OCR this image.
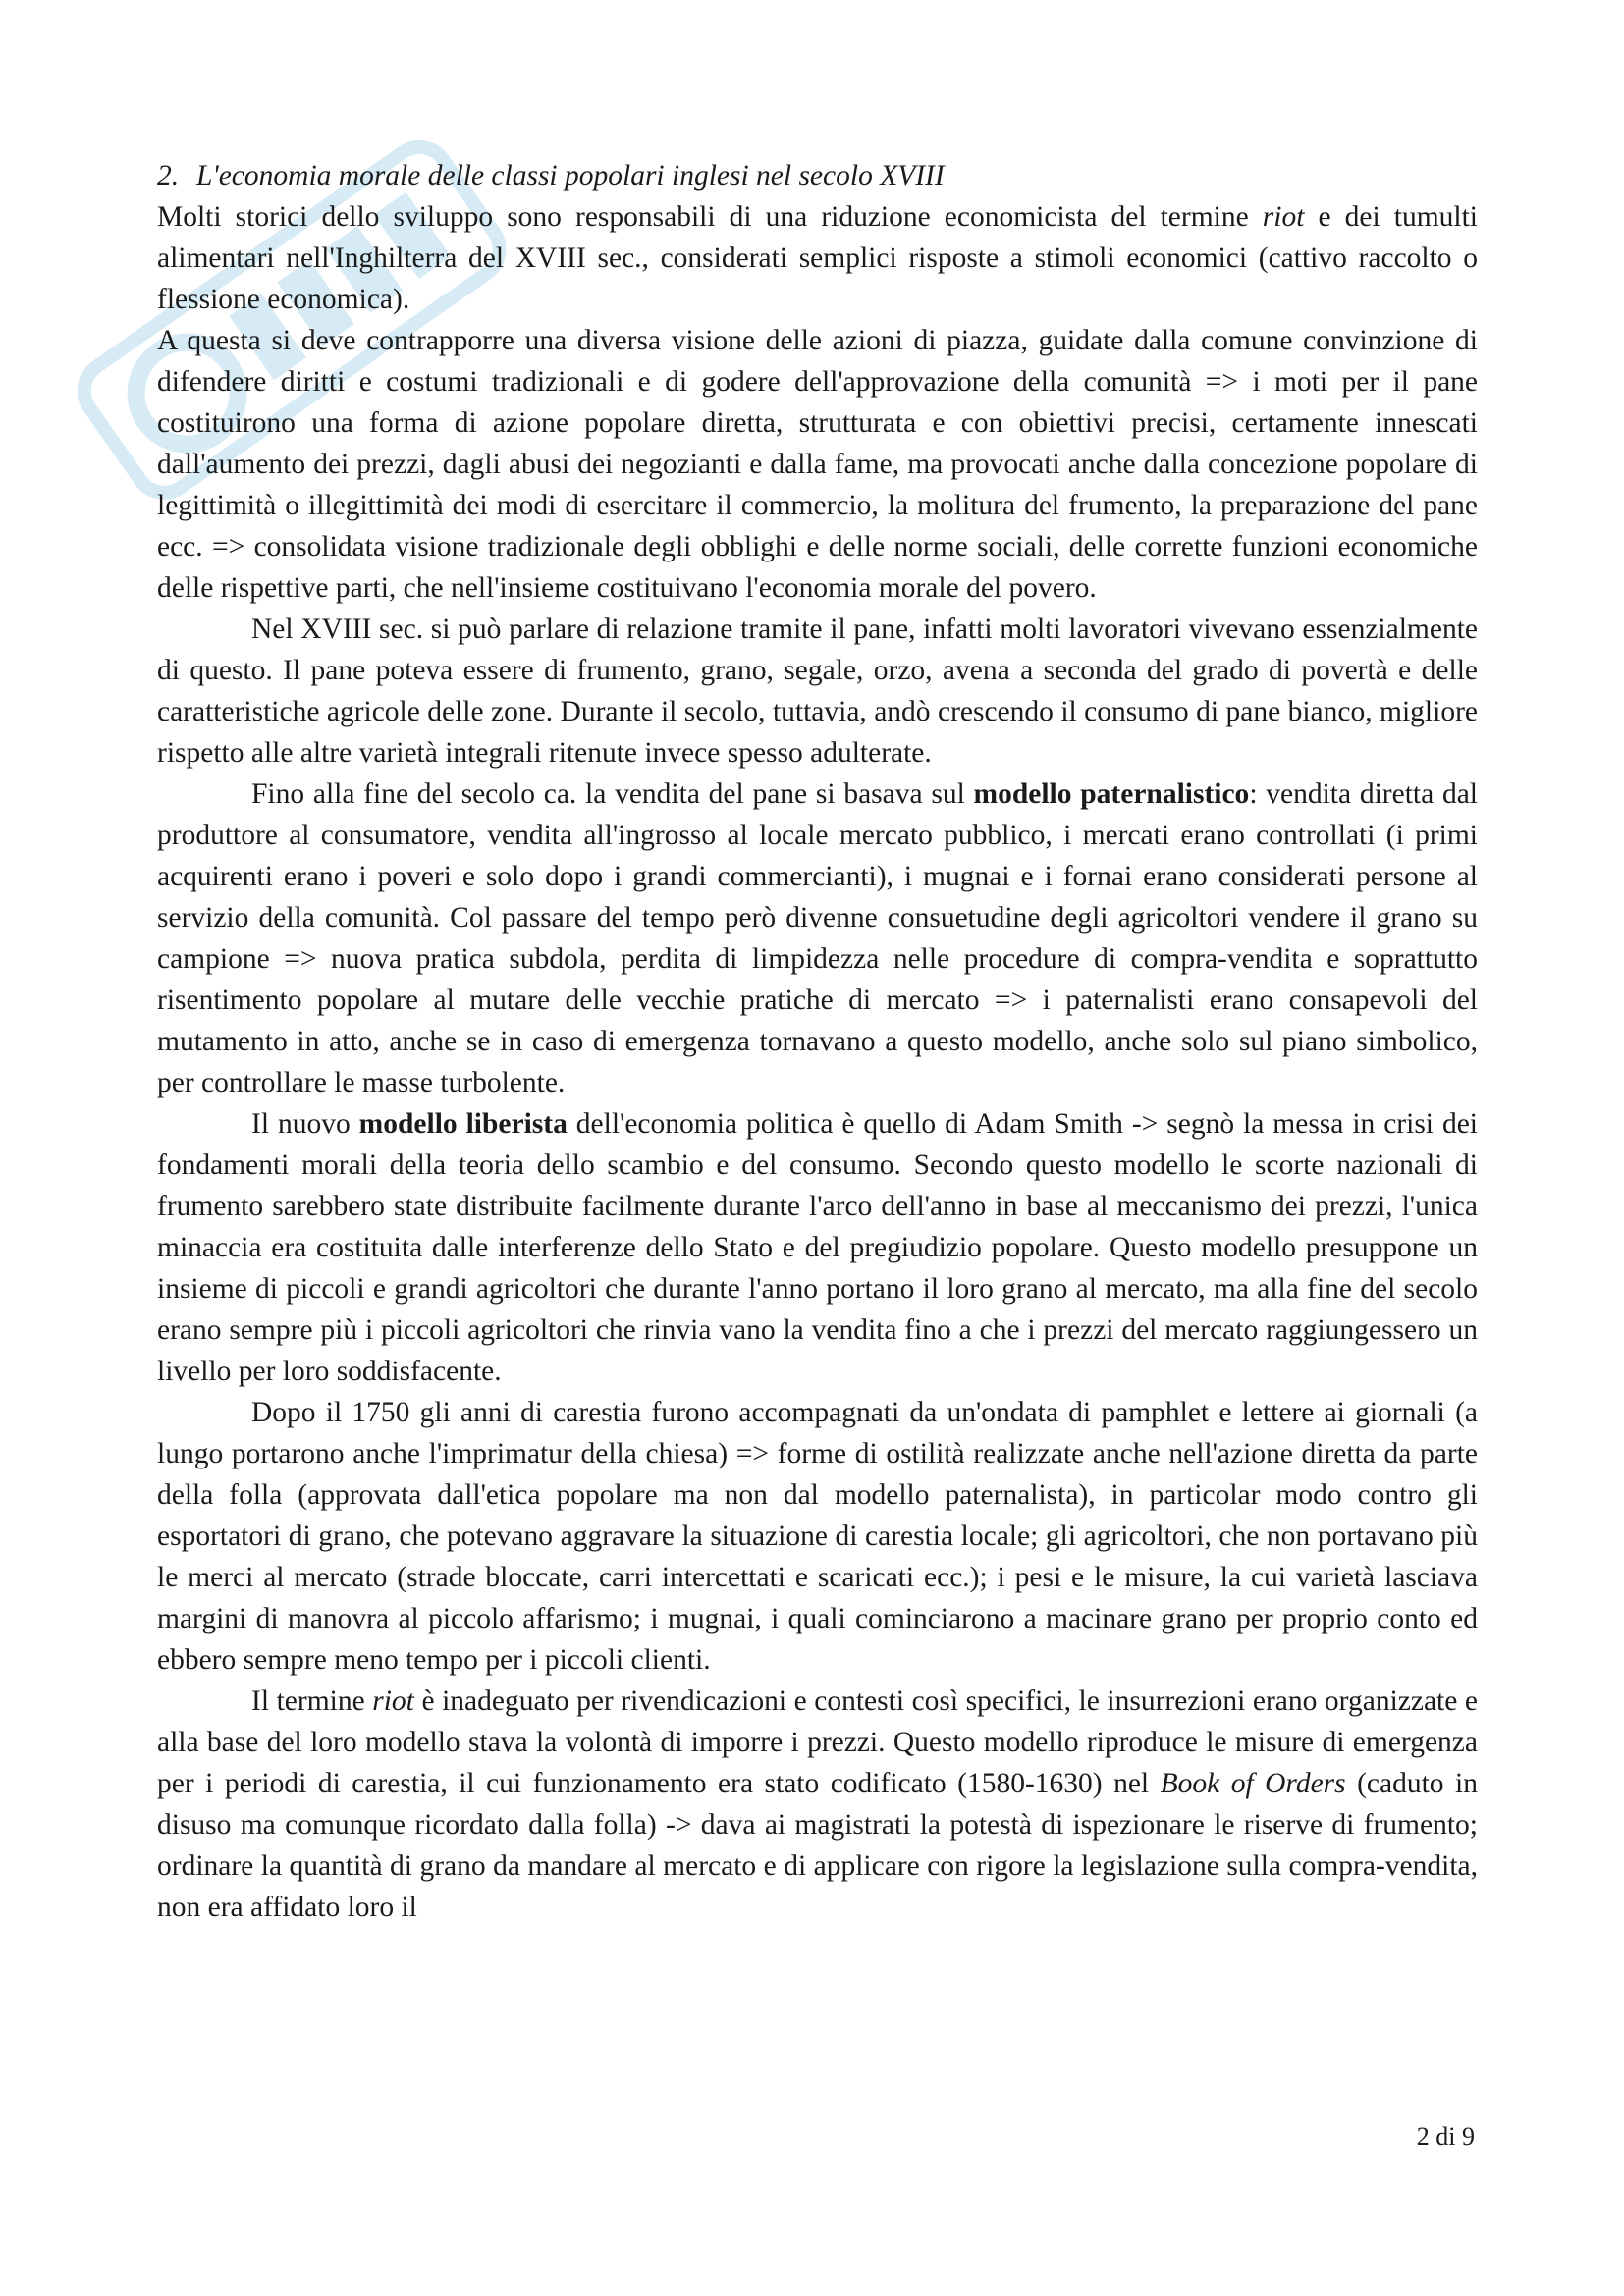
2. L'economia morale delle classi popolari inglesi nel secolo XVIII

Molti storici dello sviluppo sono responsabili di una riduzione economicista del termine riot e dei tumulti alimentari nell'Inghilterra del XVIII sec., considerati semplici risposte a stimoli economici (cattivo raccolto o flessione economica).

A questa si deve contrapporre una diversa visione delle azioni di piazza, guidate dalla comune convinzione di difendere diritti e costumi tradizionali e di godere dell'approvazione della comunità => i moti per il pane costituirono una forma di azione popolare diretta, strutturata e con obiettivi precisi, certamente innescati dall'aumento dei prezzi, dagli abusi dei negozianti e dalla fame, ma provocati anche dalla concezione popolare di legittimità o illegittimità dei modi di esercitare il commercio, la molitura del frumento, la preparazione del pane ecc. => consolidata visione tradizionale degli obblighi e delle norme sociali, delle corrette funzioni economiche delle rispettive parti, che nell'insieme costituivano l'economia morale del povero.

Nel XVIII sec. si può parlare di relazione tramite il pane, infatti molti lavoratori vivevano essenzialmente di questo. Il pane poteva essere di frumento, grano, segale, orzo, avena a seconda del grado di povertà e delle caratteristiche agricole delle zone. Durante il secolo, tuttavia, andò crescendo il consumo di pane bianco, migliore rispetto alle altre varietà integrali ritenute invece spesso adulterate.

Fino alla fine del secolo ca. la vendita del pane si basava sul modello paternalistico: vendita diretta dal produttore al consumatore, vendita all'ingrosso al locale mercato pubblico, i mercati erano controllati (i primi acquirenti erano i poveri e solo dopo i grandi commercianti), i mugnai e i fornai erano considerati persone al servizio della comunità. Col passare del tempo però divenne consuetudine degli agricoltori vendere il grano su campione => nuova pratica subdola, perdita di limpidezza nelle procedure di compra-vendita e soprattutto risentimento popolare al mutare delle vecchie pratiche di mercato => i paternalisti erano consapevoli del mutamento in atto, anche se in caso di emergenza tornavano a questo modello, anche solo sul piano simbolico, per controllare le masse turbolente.

Il nuovo modello liberista dell'economia politica è quello di Adam Smith -> segnò la messa in crisi dei fondamenti morali della teoria dello scambio e del consumo. Secondo questo modello le scorte nazionali di frumento sarebbero state distribuite facilmente durante l'arco dell'anno in base al meccanismo dei prezzi, l'unica minaccia era costituita dalle interferenze dello Stato e del pregiudizio popolare. Questo modello presuppone un insieme di piccoli e grandi agricoltori che durante l'anno portano il loro grano al mercato, ma alla fine del secolo erano sempre più i piccoli agricoltori che rinvia vano la vendita fino a che i prezzi del mercato raggiungessero un livello per loro soddisfacente.

Dopo il 1750 gli anni di carestia furono accompagnati da un'ondata di pamphlet e lettere ai giornali (a lungo portarono anche l'imprimatur della chiesa) => forme di ostilità realizzate anche nell'azione diretta da parte della folla (approvata dall'etica popolare ma non dal modello paternalista), in particolar modo contro gli esportatori di grano, che potevano aggravare la situazione di carestia locale; gli agricoltori, che non portavano più le merci al mercato (strade bloccate, carri intercettati e scaricati ecc.); i pesi e le misure, la cui varietà lasciava margini di manovra al piccolo affarismo; i mugnai, i quali cominciarono a macinare grano per proprio conto ed ebbero sempre meno tempo per i piccoli clienti.

Il termine riot è inadeguato per rivendicazioni e contesti così specifici, le insurrezioni erano organizzate e alla base del loro modello stava la volontà di imporre i prezzi. Questo modello riproduce le misure di emergenza per i periodi di carestia, il cui funzionamento era stato codificato (1580-1630) nel Book of Orders (caduto in disuso ma comunque ricordato dalla folla) -> dava ai magistrati la potestà di ispezionare le riserve di frumento; ordinare la quantità di grano da mandare al mercato e di applicare con rigore la legislazione sulla compra-vendita, non era affidato loro il

2 di 9
